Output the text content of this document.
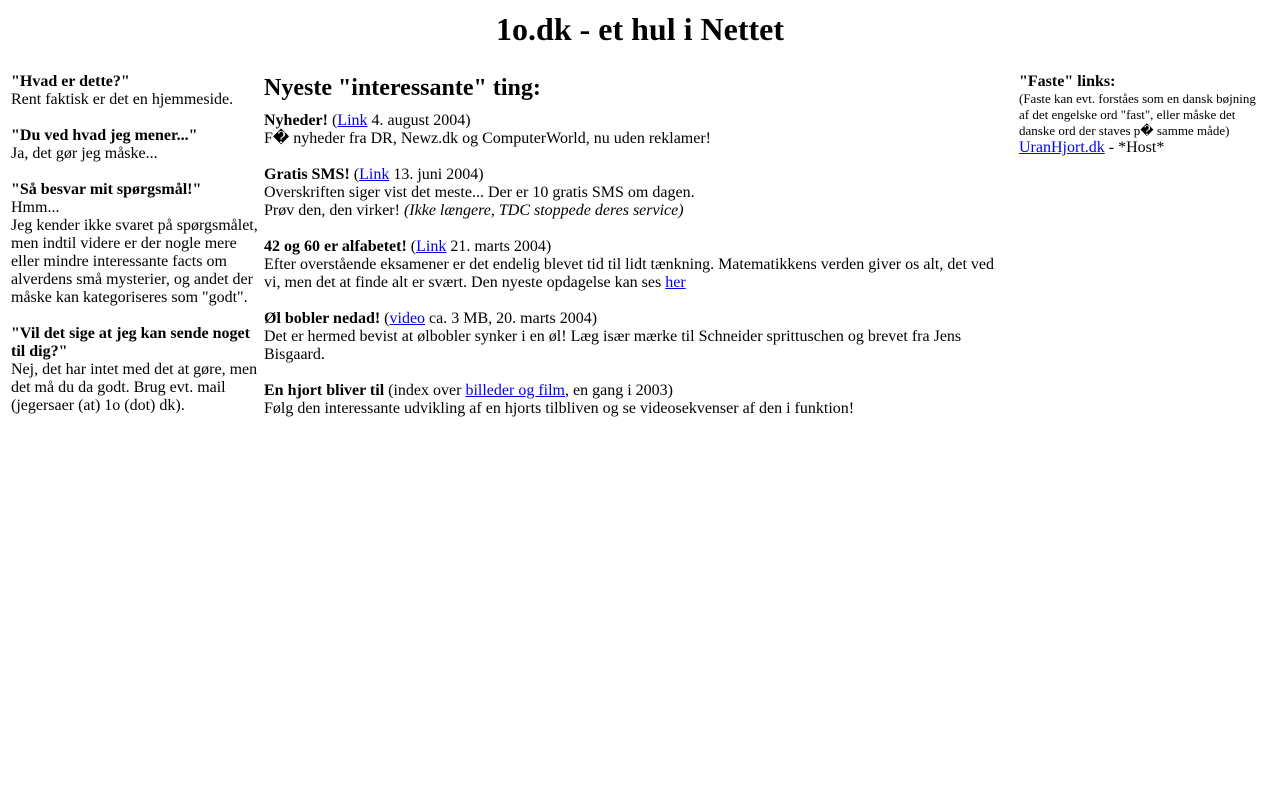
1o.dk - et hul i Nettet
"Hvad er dette?"
Rent faktisk er det en hjemmeside.
"Du ved hvad jeg mener..."
Ja, det gør jeg måske...
"Så besvar mit spørgsmål!"
Hmm...
Jeg kender ikke svaret på spørgsmålet, men indtil videre er der nogle mere eller mindre interessante facts om alverdens små mysterier, og andet der måske kan kategoriseres som "godt".
"Vil det sige at jeg kan sende noget til dig?"
Nej, det har intet med det at gøre, men det må du da godt. Brug evt. mail (jegersaer (at) 1o (dot) dk).
Nyeste "interessante" ting:
Nyheder! (Link 4. august 2004)
F� nyheder fra DR, Newz.dk og ComputerWorld, nu uden reklamer!
Gratis SMS! (Link 13. juni 2004)
Overskriften siger vist det meste... Der er 10 gratis SMS om dagen.
Prøv den, den virker! (Ikke længere, TDC stoppede deres service)
42 og 60 er alfabetet! (Link 21. marts 2004)
Efter overstående eksamener er det endelig blevet tid til lidt tænkning. Matematikkens verden giver os alt, det ved vi, men det at finde alt er svært. Den nyeste opdagelse kan ses her
Øl bobler nedad! (video ca. 3 MB, 20. marts 2004)
Det er hermed bevist at ølbobler synker i en øl! Læg især mærke til Schneider sprittuschen og brevet fra Jens Bisgaard.
En hjort bliver til (index over billeder og film, en gang i 2003)
Følg den interessante udvikling af en hjorts tilbliven og se videosekvenser af den i funktion!
"Faste" links:
(Faste kan evt. forståes som en dansk bøjning af det engelske ord "fast", eller måske det danske ord der staves p� samme måde)
UranHjort.dk - *Host*
